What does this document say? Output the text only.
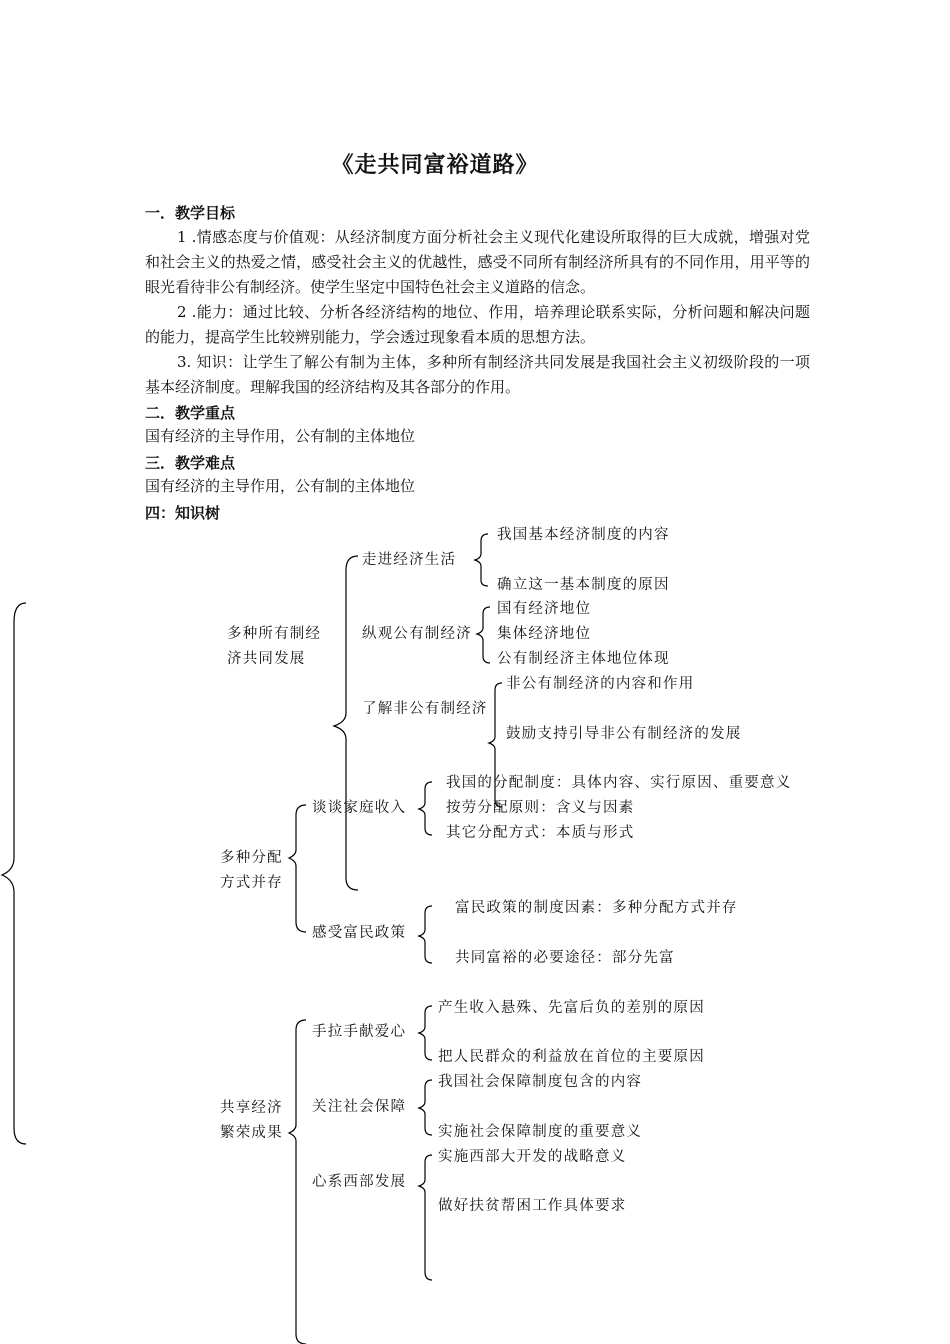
《走共同富裕道路》
一．教学目标
1 .情感态度与价值观：从经济制度方面分析社会主义现代化建设所取得的巨大成就，增强对党和社会主义的热爱之情，感受社会主义的优越性，感受不同所有制经济所具有的不同作用，用平等的眼光看待非公有制经济。使学生坚定中国特色社会主义道路的信念。
2 .能力：通过比较、分析各经济结构的地位、作用，培养理论联系实际，分析问题和解决问题的能力，提高学生比较辨别能力，学会透过现象看本质的思想方法。
3. 知识：让学生了解公有制为主体，多种所有制经济共同发展是我国社会主义初级阶段的一项基本经济制度。理解我国的经济结构及其各部分的作用。
二．教学重点
国有经济的主导作用，公有制的主体地位
三．教学难点
国有经济的主导作用，公有制的主体地位
四：知识树
多种所有制经济共同发展
走进经济生活
我国基本经济制度的内容
确立这一基本制度的原因
纵观公有制经济
国有经济地位
集体经济地位
公有制经济主体地位体现
了解非公有制经济
非公有制经济的内容和作用
鼓励支持引导非公有制经济的发展
多种分配方式并存
谈谈家庭收入
我国的分配制度：具体内容、实行原因、重要意义
按劳分配原则：含义与因素
其它分配方式：本质与形式
感受富民政策
富民政策的制度因素：多种分配方式并存
共同富裕的必要途径：部分先富
共享经济繁荣成果
手拉手献爱心
产生收入悬殊、先富后负的差别的原因
把人民群众的利益放在首位的主要原因
关注社会保障
我国社会保障制度包含的内容
实施社会保障制度的重要意义
心系西部发展
实施西部大开发的战略意义
做好扶贫帮困工作具体要求
